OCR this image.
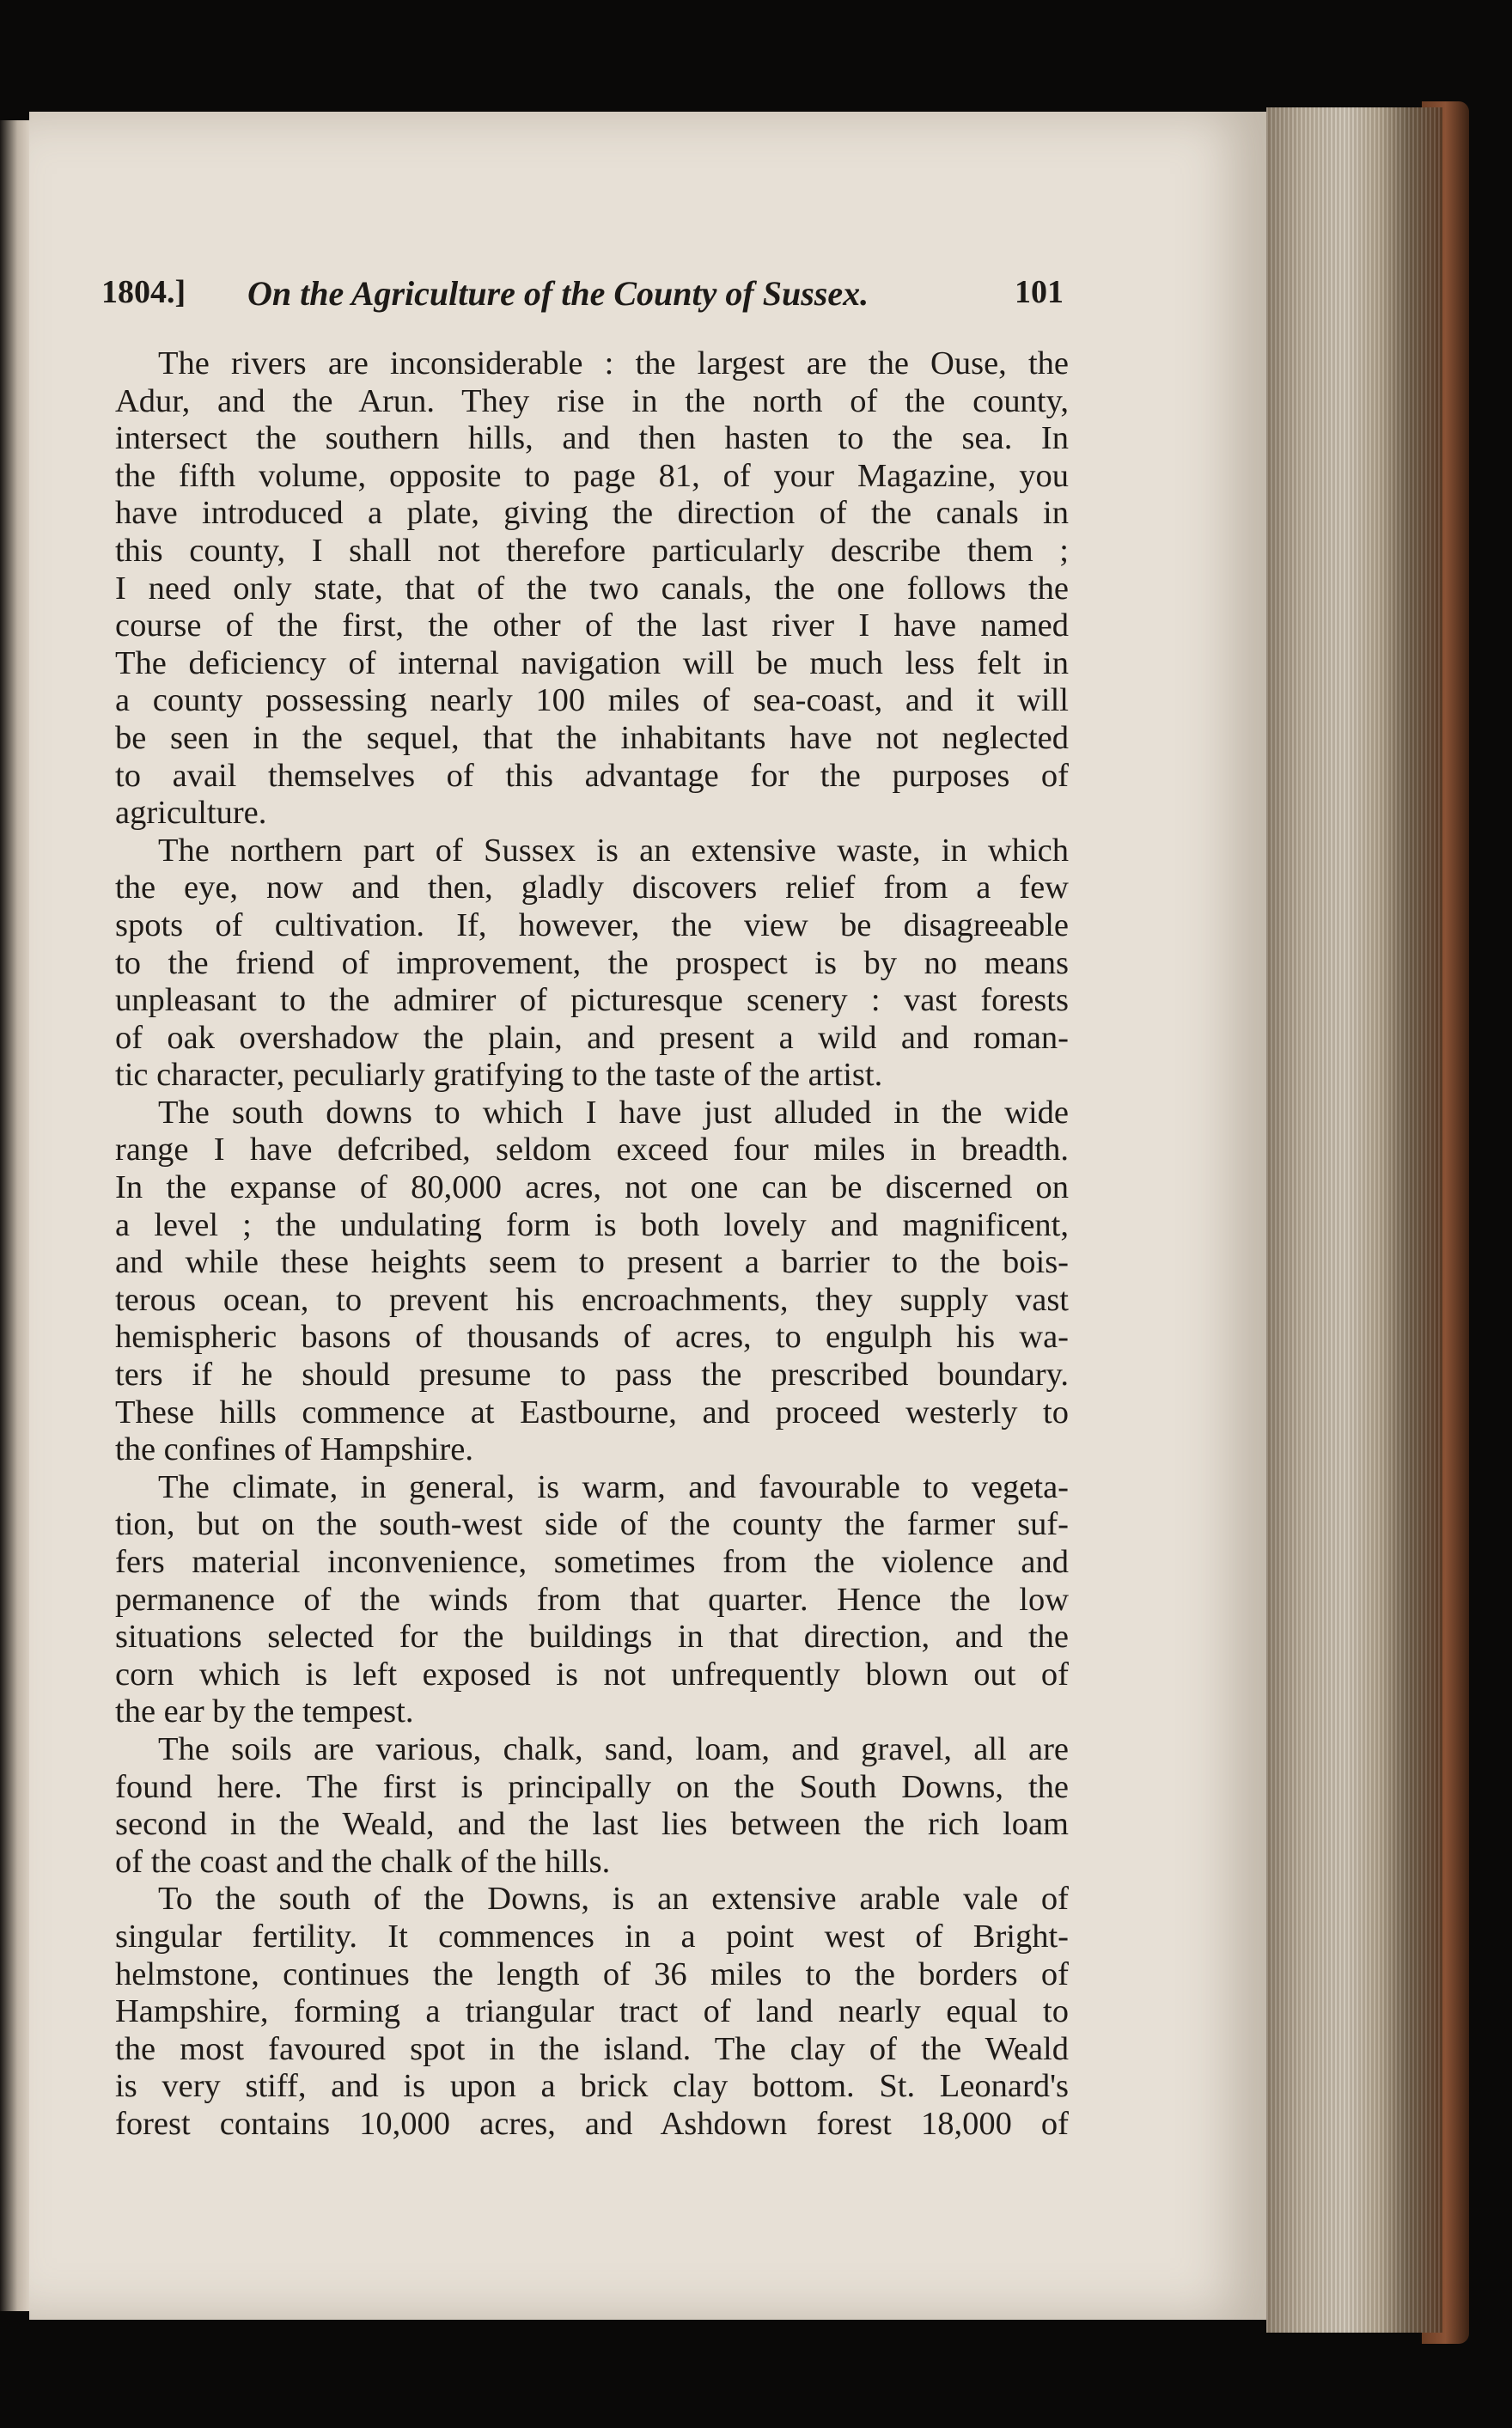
1804.] On the Agriculture of the County of Sussex.	101
The rivers are inconsiderable : the largest are the Ouse, the
Adur, and the Arun. They rise in the north of the county,
intersect the southern hills, and then hasten to the sea. In
the fifth volume, opposite to page 81, of your Magazine, you
have introduced a plate, giving the direction of the canals in
this county, I shall not therefore particularly describe them ;
I need only state, that of the two canals, the one follows the
course of the first, the other of the last river I have named
The deficiency of internal navigation will be much less felt in
a county possessing nearly 100 miles of sea-coast, and it will
be seen in the sequel, that the inhabitants have not neglected
to avail themselves of this advantage for the purposes of
agriculture.
The northern part of Sussex is an extensive waste, in which
the eye, now and then, gladly discovers relief from a few
spots of cultivation. If, however, the view be disagreeable
to the friend of improvement, the prospect is by no means
unpleasant to the admirer of picturesque scenery : vast forests
of oak overshadow the plain, and present a wild and roman-
tic character, peculiarly gratifying to the taste of the artist.
The south downs to which I have just alluded in the wide
range I have defcribed, seldom exceed four miles in breadth.
In the expanse of 80,000 acres, not one can be discerned on
a level ; the undulating form is both lovely and magnificent,
and while these heights seem to present a barrier to the bois-
terous ocean, to prevent his encroachments, they supply vast
hemispheric basons of thousands of acres, to engulph his wa-
ters if he should presume to pass the prescribed boundary.
These hills commence at Eastbourne, and proceed westerly to
the confines of Hampshire.
The climate, in general, is warm, and favourable to vegeta-
tion, but on the south-west side of the county the farmer suf-
fers material inconvenience, sometimes from the violence and
permanence of the winds from that quarter. Hence the low
situations selected for the buildings in that direction, and the
corn which is left exposed is not unfrequently blown out of
the ear by the tempest.
The soils are various, chalk, sand, loam, and gravel, all are
found here. The first is principally on the South Downs, the
second in the Weald, and the last lies between the rich loam
of the coast and the chalk of the hills.
To the south of the Downs, is an extensive arable vale of
singular fertility. It commences in a point west of Bright-
helmstone, continues the length of 36 miles to the borders of
Hampshire, forming a triangular tract of land nearly equal to
the most favoured spot in the island. The clay of the Weald
is very stiff, and is upon a brick clay bottom. St. Leonard's
forest contains 10,000 acres, and Ashdown forest 18,000 of
